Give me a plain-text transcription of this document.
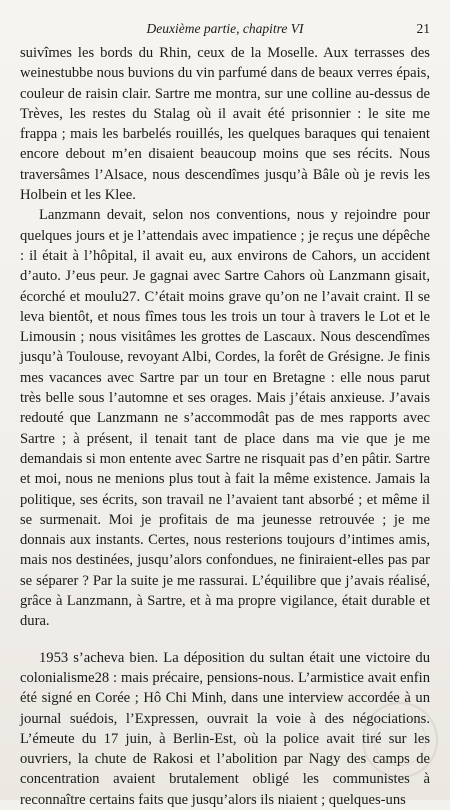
Deuxième partie, chapitre VI	21

suivîmes les bords du Rhin, ceux de la Moselle. Aux terrasses des weinestubbe nous buvions du vin parfumé dans de beaux verres épais, couleur de raisin clair. Sartre me montra, sur une colline au-dessus de Trèves, les restes du Stalag où il avait été prisonnier : le site me frappa ; mais les barbelés rouillés, les quelques baraques qui tenaient encore debout m’en disaient beaucoup moins que ses récits. Nous traversâmes l’Alsace, nous descendîmes jusqu’à Bâle où je revis les Holbein et les Klee.

Lanzmann devait, selon nos conventions, nous y rejoindre pour quelques jours et je l’attendais avec impatience ; je reçus une dépêche : il était à l’hôpital, il avait eu, aux environs de Cahors, un accident d’auto. J’eus peur. Je gagnai avec Sartre Cahors où Lanzmann gisait, écorché et moulu27. C’était moins grave qu’on ne l’avait craint. Il se leva bientôt, et nous fîmes tous les trois un tour à travers le Lot et le Limousin ; nous visitâmes les grottes de Lascaux. Nous descendîmes jusqu’à Toulouse, revoyant Albi, Cordes, la forêt de Grésigne. Je finis mes vacances avec Sartre par un tour en Bretagne : elle nous parut très belle sous l’automne et ses orages. Mais j’étais anxieuse. J’avais redouté que Lanzmann ne s’accommodât pas de mes rapports avec Sartre ; à présent, il tenait tant de place dans ma vie que je me demandais si mon entente avec Sartre ne risquait pas d’en pâtir. Sartre et moi, nous ne menions plus tout à fait la même existence. Jamais la politique, ses écrits, son travail ne l’avaient tant absorbé ; et même il se surmenait. Moi je profitais de ma jeunesse retrouvée ; je me donnais aux instants. Certes, nous resterions toujours d’intimes amis, mais nos destinées, jusqu’alors confondues, ne finiraient-elles pas par se séparer ? Par la suite je me rassurai. L’équilibre que j’avais réalisé, grâce à Lanzmann, à Sartre, et à ma propre vigilance, était durable et dura.

1953 s’acheva bien. La déposition du sultan était une victoire du colonialisme28 : mais précaire, pensions-nous. L’armistice avait enfin été signé en Corée ; Hô Chi Minh, dans une interview accordée à un journal suédois, l’Expressen, ouvrait la voie à des négociations. L’émeute du 17 juin, à Berlin-Est, où la police avait tiré sur les ouvriers, la chute de Rakosi et l’abolition par Nagy des camps de concentration avaient brutalement obligé les communistes à reconnaître certains faits que jusqu’alors ils niaient ; quelques-uns
